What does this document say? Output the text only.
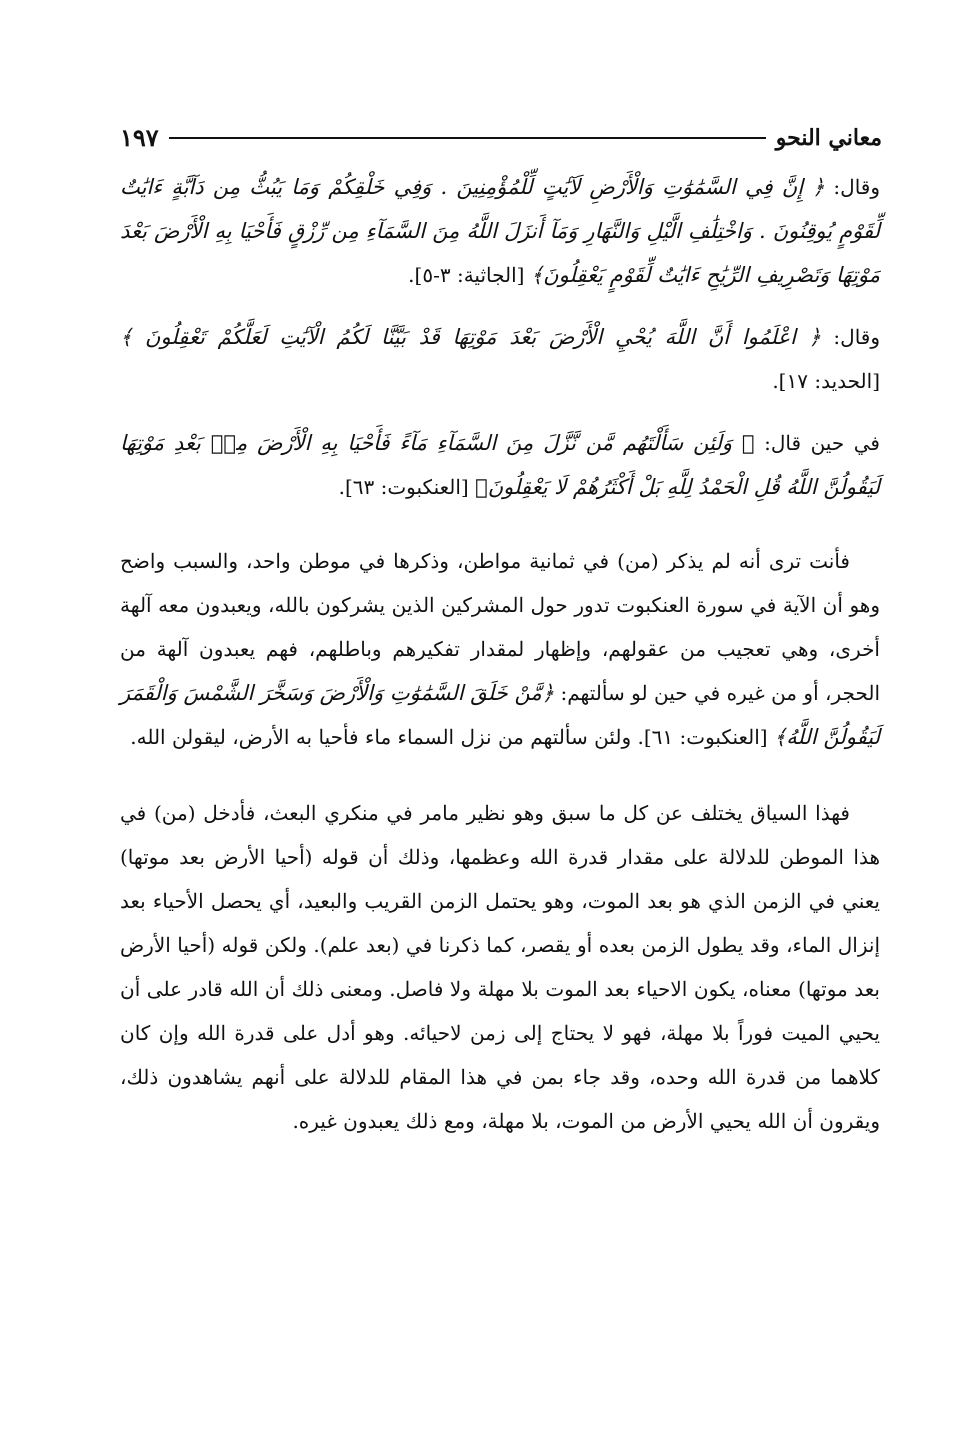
١٩٧	معاني النحو

وقال: ﴿ إِنَّ فِي السَّمَٰوَٰتِ وَالْأَرْضِ لَآيَٰتٍ لِّلْمُؤْمِنِينَ . وَفِي خَلْقِكُمْ وَمَا يَبُثُّ مِن دَآبَّةٍ ءَايَٰتٌ لِّقَوْمٍ يُوقِنُونَ . وَاخْتِلَٰفِ الَّيْلِ وَالنَّهَارِ وَمَآ أَنزَلَ اللَّهُ مِنَ السَّمَآءِ مِن رِّزْقٍ فَأَحْيَا بِهِ الْأَرْضَ بَعْدَ مَوْتِهَا وَتَصْرِيفِ الرِّيَٰحِ ءَايَٰتٌ لِّقَوْمٍ يَعْقِلُونَ﴾ [الجاثية: ٣-٥].

وقال: ﴿ اعْلَمُوا أَنَّ اللَّهَ يُحْيِ الْأَرْضَ بَعْدَ مَوْتِهَا قَدْ بَيَّنَّا لَكُمُ الْآيَٰتِ لَعَلَّكُمْ تَعْقِلُونَ ﴾ [الحديد: ١٧].

في حين قال: ﴿ وَلَئِن سَأَلْتَهُم مَّن نَّزَّلَ مِنَ السَّمَآءِ مَآءً فَأَحْيَا بِهِ الْأَرْضَ مِنۢ بَعْدِ مَوْتِهَا لَيَقُولُنَّ اللَّهُ قُلِ الْحَمْدُ لِلَّهِ بَلْ أَكْثَرُهُمْ لَا يَعْقِلُونَ﴾ [العنكبوت: ٦٣].

فأنت ترى أنه لم يذكر (من) في ثمانية مواطن، وذكرها في موطن واحد، والسبب واضح وهو أن الآية في سورة العنكبوت تدور حول المشركين الذين يشركون بالله، ويعبدون معه آلهة أخرى، وهي تعجيب من عقولهم، وإظهار لمقدار تفكيرهم وباطلهم، فهم يعبدون آلهة من الحجر، أو من غيره في حين لو سألتهم: ﴿مَّنْ خَلَقَ السَّمَٰوَٰتِ وَالْأَرْضَ وَسَخَّرَ الشَّمْسَ وَالْقَمَرَ لَيَقُولُنَّ اللَّهُ﴾ [العنكبوت: ٦١]. ولئن سألتهم من نزل السماء ماء فأحيا به الأرض، ليقولن الله.

فهذا السياق يختلف عن كل ما سبق وهو نظير مامر في منكري البعث، فأدخل (من) في هذا الموطن للدلالة على مقدار قدرة الله وعظمها، وذلك أن قوله (أحيا الأرض بعد موتها) يعني في الزمن الذي هو بعد الموت، وهو يحتمل الزمن القريب والبعيد، أي يحصل الأحياء بعد إنزال الماء، وقد يطول الزمن بعده أو يقصر، كما ذكرنا في (بعد علم). ولكن قوله (أحيا الأرض بعد موتها) معناه، يكون الاحياء بعد الموت بلا مهلة ولا فاصل. ومعنى ذلك أن الله قادر على أن يحيي الميت فوراً بلا مهلة، فهو لا يحتاج إلى زمن لاحيائه. وهو أدل على قدرة الله وإن كان كلاهما من قدرة الله وحده، وقد جاء بمن في هذا المقام للدلالة على أنهم يشاهدون ذلك، ويقرون أن الله يحيي الأرض من الموت، بلا مهلة، ومع ذلك يعبدون غيره.
